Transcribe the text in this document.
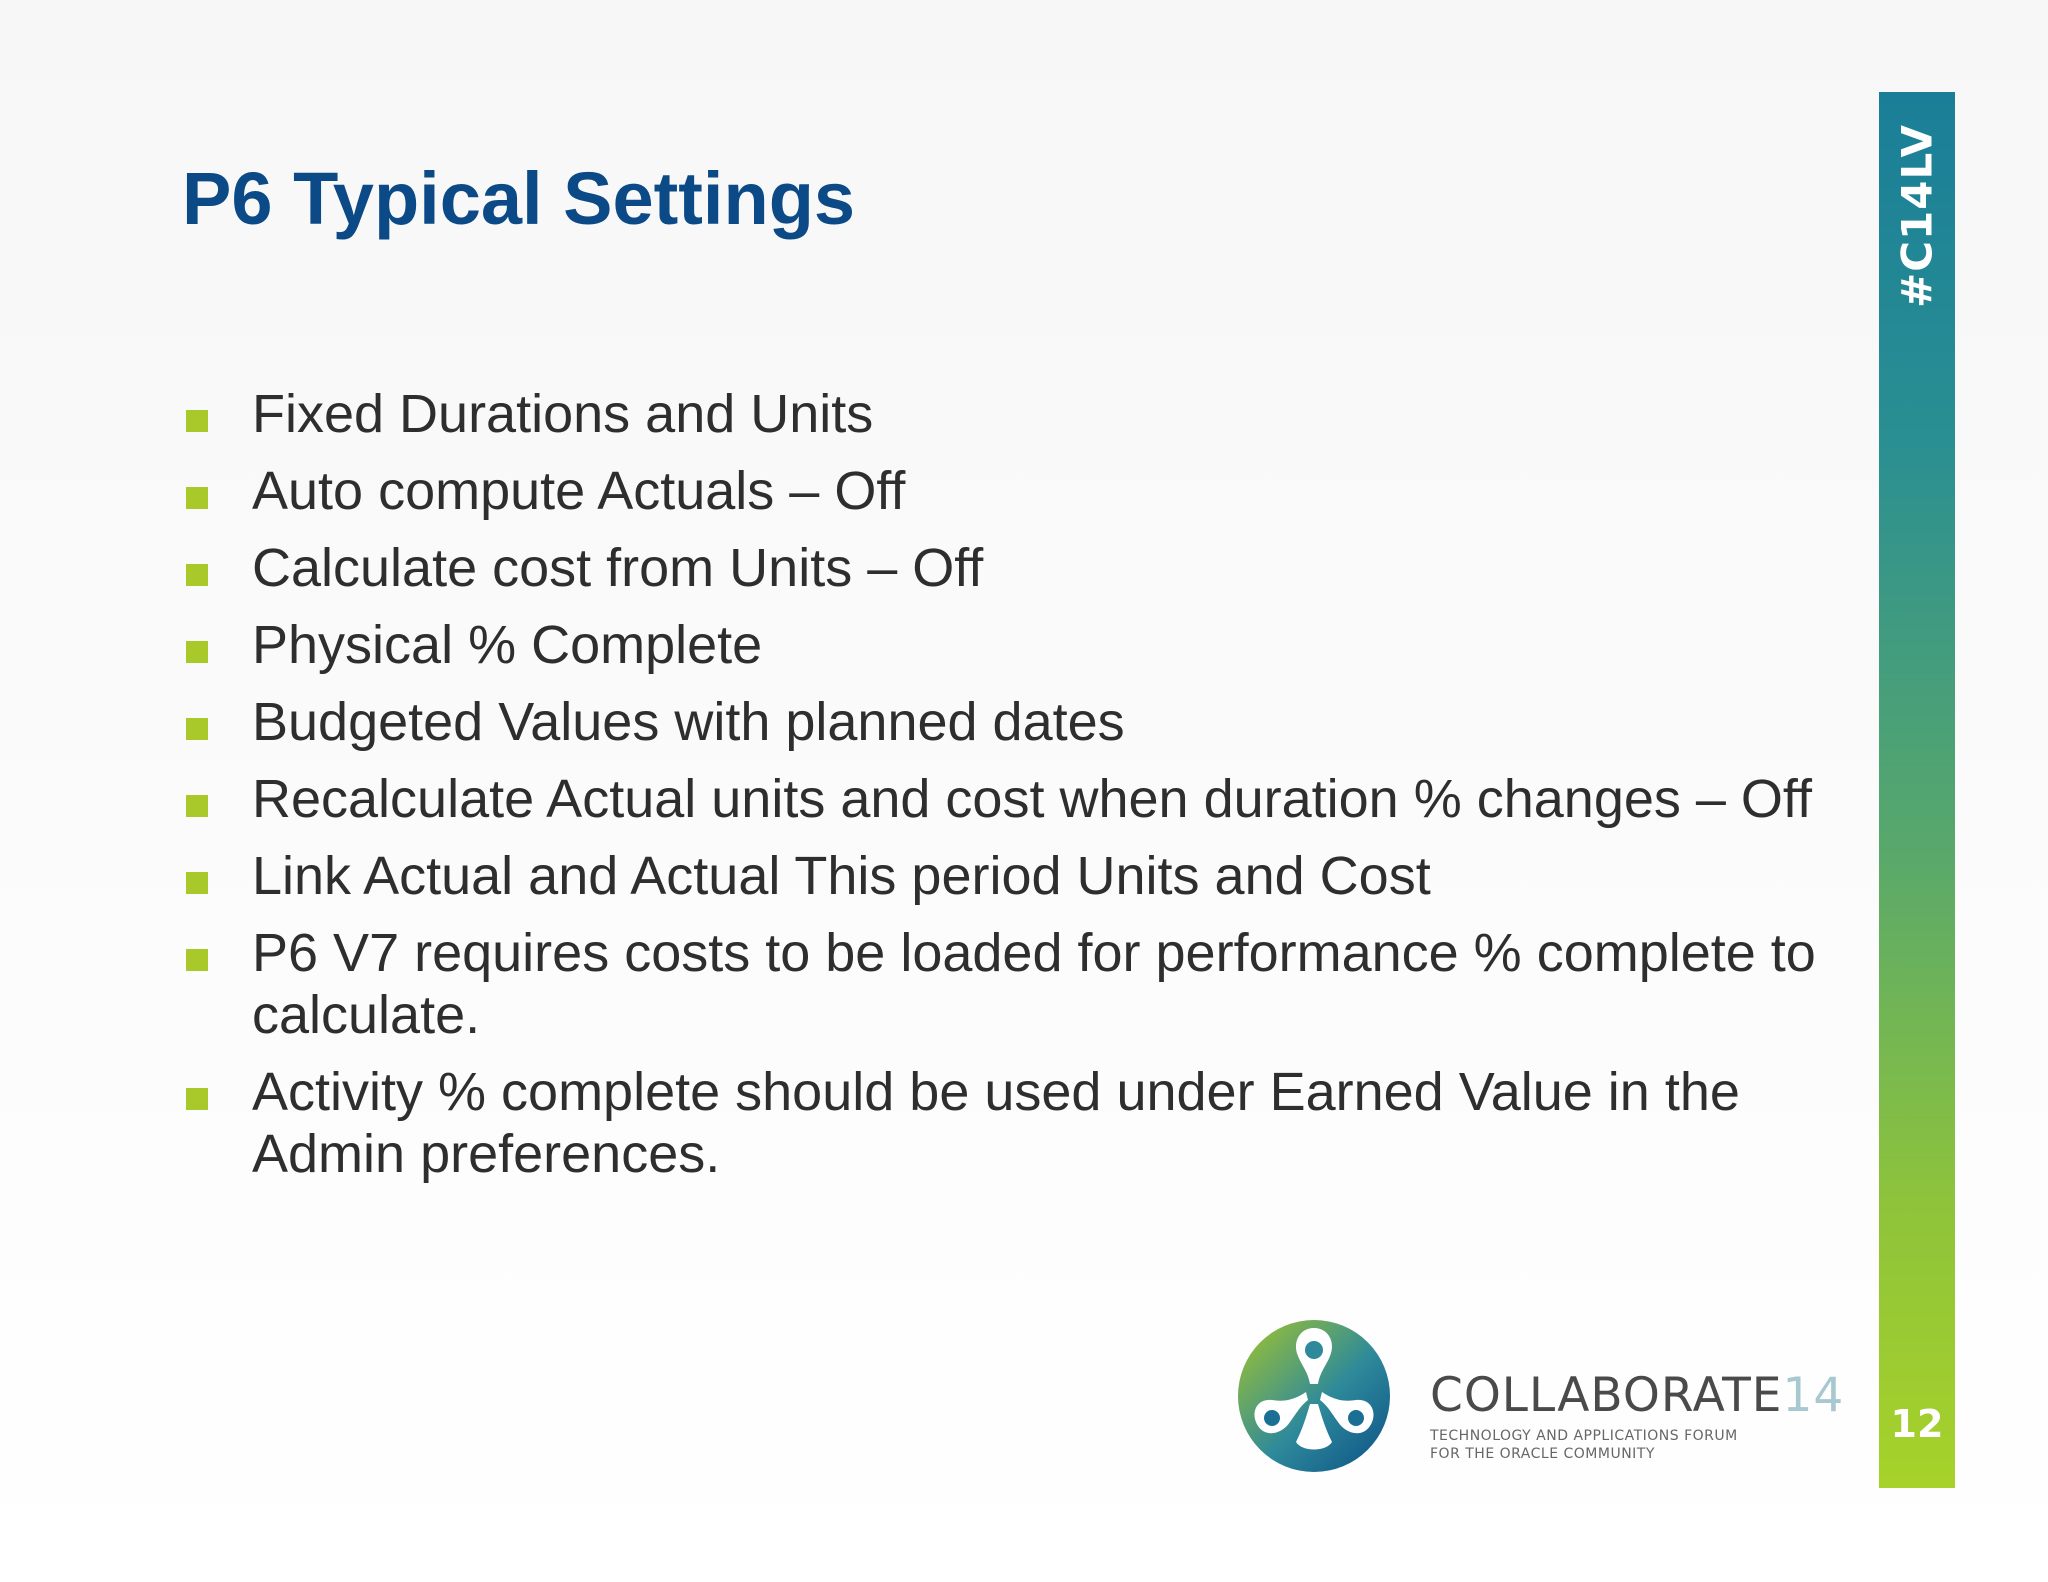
P6 Typical Settings
Fixed Durations and Units
Auto compute Actuals – Off
Calculate cost from Units – Off
Physical % Complete
Budgeted Values with planned dates
Recalculate Actual units and cost when duration % changes – Off
Link Actual and Actual This period Units and Cost
P6 V7 requires costs to be loaded for performance % complete to calculate.
Activity % complete should be used under Earned Value in the Admin preferences.
#C14LV
12
COLLABORATE14
TECHNOLOGY AND APPLICATIONS FORUM FOR THE ORACLE COMMUNITY
